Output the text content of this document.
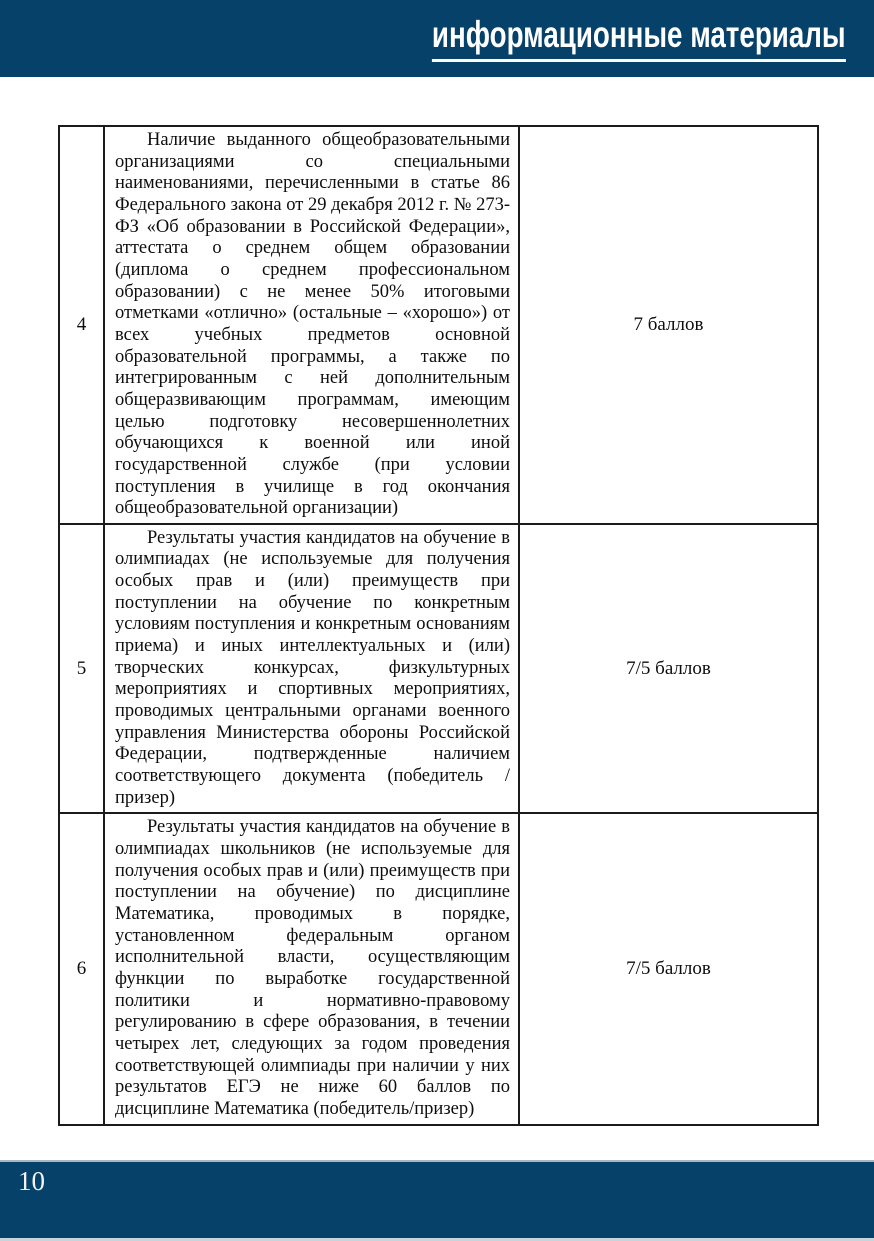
информационные материалы
4	Наличие выданного общеобразовательными организациями со специальными наименованиями, перечисленными в статье 86 Федерального закона от 29 декабря 2012 г. № 273-ФЗ «Об образовании в Российской Федерации», аттестата о среднем общем образовании (диплома о среднем профессиональном образовании) с не менее 50% итоговыми отметками «отлично» (остальные – «хорошо») от всех учебных предметов основной образовательной программы, а также по интегрированным с ней дополнительным общеразвивающим программам, имеющим целью подготовку несовершеннолетних обучающихся к военной или иной государственной службе (при условии поступления в училище в год окончания общеобразовательной организации)	7 баллов
5	Результаты участия кандидатов на обучение в олимпиадах (не используемые для получения особых прав и (или) преимуществ при поступлении на обучение по конкретным условиям поступления и конкретным основаниям приема) и иных интеллектуальных и (или) творческих конкурсах, физкультурных мероприятиях и спортивных мероприятиях, проводимых центральными органами военного управления Министерства обороны Российской Федерации, подтвержденные наличием соответствующего документа (победитель / призер)	7/5 баллов
6	Результаты участия кандидатов на обучение в олимпиадах школьников (не используемые для получения особых прав и (или) преимуществ при поступлении на обучение) по дисциплине Математика, проводимых в порядке, установленном федеральным органом исполнительной власти, осуществляющим функции по выработке государственной политики и нормативно-правовому регулированию в сфере образования, в течении четырех лет, следующих за годом проведения соответствующей олимпиады при наличии у них результатов ЕГЭ не ниже 60 баллов по дисциплине Математика (победитель/призер)	7/5 баллов
10
